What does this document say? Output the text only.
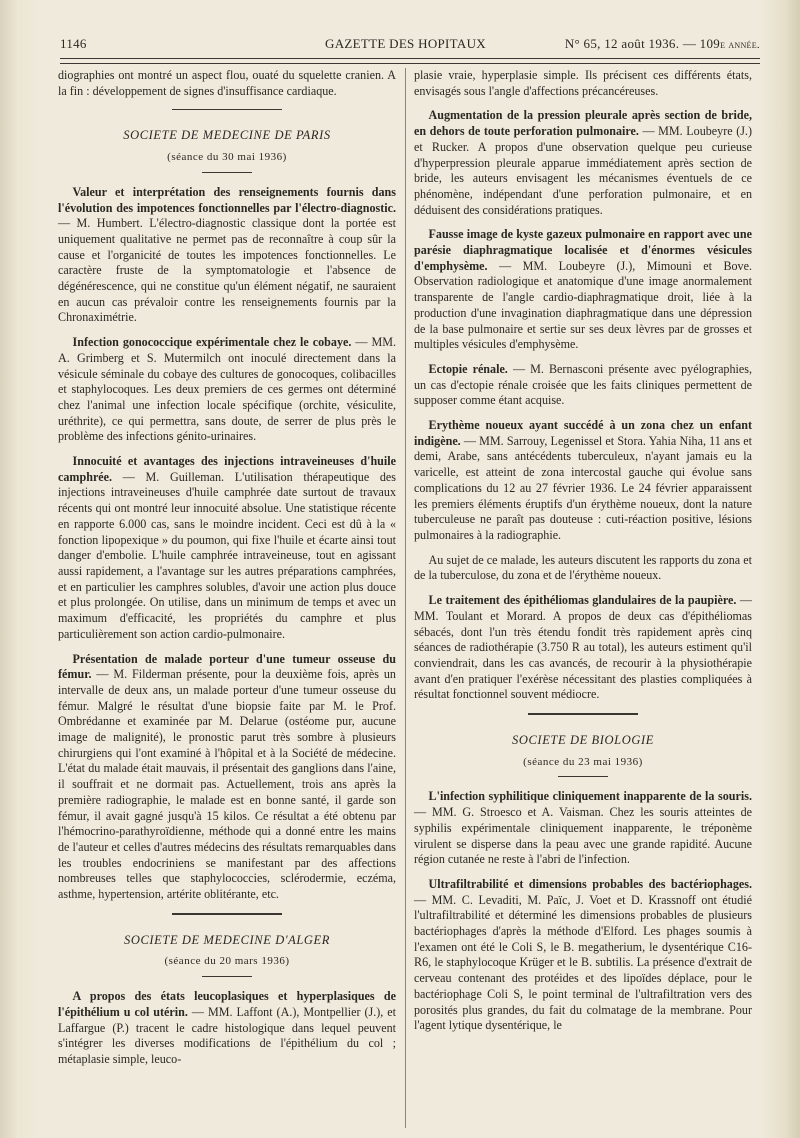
1146	GAZETTE DES HOPITAUX	N° 65, 12 août 1936. — 109e année.

diographies ont montré un aspect flou, ouaté du squelette cranien. A la fin : développement de signes d'insuffisance cardiaque.

SOCIETE DE MEDECINE DE PARIS
(séance du 30 mai 1936)

Valeur et interprétation des renseignements fournis dans l'évolution des impotences fonctionnelles par l'électro-diagnostic. — M. Humbert. L'électro-diagnostic classique dont la portée est uniquement qualitative ne permet pas de reconnaître à coup sûr la cause et l'organicité de toutes les impotences fonctionnelles. Le caractère fruste de la symptomatologie et l'absence de dégénérescence, qui ne constitue qu'un élément négatif, ne sauraient en aucun cas prévaloir contre les renseignements fournis par la Chronaximétrie.

Infection gonococcique expérimentale chez le cobaye. — MM. A. Grimberg et S. Mutermilch ont inoculé directement dans la vésicule séminale du cobaye des cultures de gonocoques, colibacilles et staphylocoques. Les deux premiers de ces germes ont déterminé chez l'animal une infection locale spécifique (orchite, vésiculite, uréthrite), ce qui permettra, sans doute, de serrer de plus près le problème des infections génito-urinaires.

Innocuité et avantages des injections intraveineuses d'huile camphrée. — M. Guilleman. L'utilisation thérapeutique des injections intraveineuses d'huile camphrée date surtout de travaux récents qui ont montré leur innocuité absolue. Une statistique récente en rapporte 6.000 cas, sans le moindre incident. Ceci est dû à la « fonction lipopexique » du poumon, qui fixe l'huile et écarte ainsi tout danger d'embolie. L'huile camphrée intraveineuse, tout en agissant aussi rapidement, a l'avantage sur les autres préparations camphrées, et en particulier les camphres solubles, d'avoir une action plus douce et plus prolongée. On utilise, dans un minimum de temps et avec un maximum d'efficacité, les propriétés du camphre et plus particulièrement son action cardio-pulmonaire.

Présentation de malade porteur d'une tumeur osseuse du fémur. — M. Filderman présente, pour la deuxième fois, après un intervalle de deux ans, un malade porteur d'une tumeur osseuse du fémur. Malgré le résultat d'une biopsie faite par M. le Prof. Ombrédanne et examinée par M. Delarue (ostéome pur, aucune image de malignité), le pronostic parut très sombre à plusieurs chirurgiens qui l'ont examiné à l'hôpital et à la Société de médecine. L'état du malade était mauvais, il présentait des ganglions dans l'aine, il souffrait et ne dormait pas. Actuellement, trois ans après la première radiographie, le malade est en bonne santé, il garde son fémur, il avait gagné jusqu'à 15 kilos. Ce résultat a été obtenu par l'hémocrino-parathyroïdienne, méthode qui a donné entre les mains de l'auteur et celles d'autres médecins des résultats remarquables dans les troubles endocriniens se manifestant par des affections nombreuses telles que staphylococcies, sclérodermie, eczéma, asthme, hypertension, artérite oblitérante, etc.

SOCIETE DE MEDECINE D'ALGER
(séance du 20 mars 1936)

A propos des états leucoplasiques et hyperplasiques de l'épithélium u col utérin. — MM. Laffont (A.), Montpellier (J.), et Laffargue (P.) tracent le cadre histologique dans lequel peuvent s'intégrer les diverses modifications de l'épithélium du col ; métaplasie simple, leuco-

plasie vraie, hyperplasie simple. Ils précisent ces différents états, envisagés sous l'angle d'affections précancéreuses.

Augmentation de la pression pleurale après section de bride, en dehors de toute perforation pulmonaire. — MM. Loubeyre (J.) et Rucker. A propos d'une observation quelque peu curieuse d'hyperpression pleurale apparue immédiatement après section de bride, les auteurs envisagent les mécanismes éventuels de ce phénomène, indépendant d'une perforation pulmonaire, et en déduisent des considérations pratiques.

Fausse image de kyste gazeux pulmonaire en rapport avec une parésie diaphragmatique localisée et d'énormes vésicules d'emphysème. — MM. Loubeyre (J.), Mimouni et Bove. Observation radiologique et anatomique d'une image anormalement transparente de l'angle cardio-diaphragmatique droit, liée à la production d'une invagination diaphragmatique dans une dépression de la base pulmonaire et sertie sur ses deux lèvres par de grosses et multiples vésicules d'emphysème.

Ectopie rénale. — M. Bernasconi présente avec pyélographies, un cas d'ectopie rénale croisée que les faits cliniques permettent de supposer comme étant acquise.

Erythème noueux ayant succédé à un zona chez un enfant indigène. — MM. Sarrouy, Legenissel et Stora. Yahia Niha, 11 ans et demi, Arabe, sans antécédents tuberculeux, n'ayant jamais eu la varicelle, est atteint de zona intercostal gauche qui évolue sans complications du 12 au 27 février 1936. Le 24 février apparaissent les premiers éléments éruptifs d'un érythème noueux, dont la nature tuberculeuse ne paraît pas douteuse : cuti-réaction positive, lésions pulmonaires à la radiographie.

Au sujet de ce malade, les auteurs discutent les rapports du zona et de la tuberculose, du zona et de l'érythème noueux.

Le traitement des épithéliomas glandulaires de la paupière. — MM. Toulant et Morard. A propos de deux cas d'épithéliomas sébacés, dont l'un très étendu fondit très rapidement après cinq séances de radiothérapie (3.750 R au total), les auteurs estiment qu'il conviendrait, dans les cas avancés, de recourir à la physiothérapie avant d'en pratiquer l'exérèse nécessitant des plasties compliquées à résultat fonctionnel souvent médiocre.

SOCIETE DE BIOLOGIE
(séance du 23 mai 1936)

L'infection syphilitique cliniquement inapparente de la souris. — MM. G. Stroesco et A. Vaisman. Chez les souris atteintes de syphilis expérimentale cliniquement inapparente, le tréponème virulent se disperse dans la peau avec une grande rapidité. Aucune région cutanée ne reste à l'abri de l'infection.

Ultrafiltrabilité et dimensions probables des bactériophages. — MM. C. Levaditi, M. Païc, J. Voet et D. Krassnoff ont étudié l'ultrafiltrabilité et déterminé les dimensions probables de plusieurs bactériophages d'après la méthode d'Elford. Les phages soumis à l'examen ont été le Coli S, le B. megatherium, le dysentérique C16-R6, le staphylocoque Krüger et le B. subtilis. La présence d'extrait de cerveau contenant des protéides et des lipoïdes déplace, pour le bactériophage Coli S, le point terminal de l'ultrafiltration vers des porosités plus grandes, du fait du colmatage de la membrane. Pour l'agent lytique dysentérique, le
